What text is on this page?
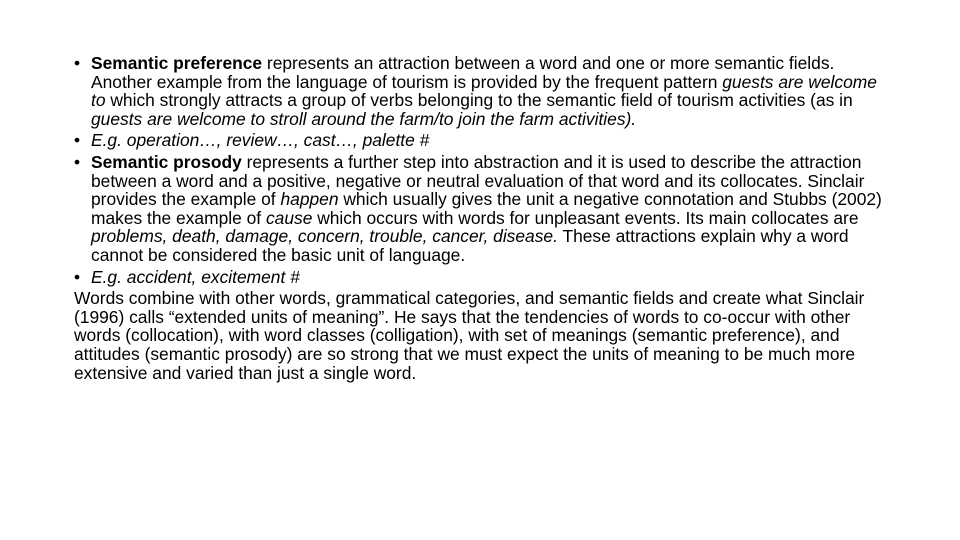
• Semantic preference represents an attraction between a word and one or more semantic fields. Another example from the language of tourism is provided by the frequent pattern guests are welcome to which strongly attracts a group of verbs belonging to the semantic field of tourism activities (as in guests are welcome to stroll around the farm/to join the farm activities).
• E.g. operation…, review…, cast…, palette #
• Semantic prosody represents a further step into abstraction and it is used to describe the attraction between a word and a positive, negative or neutral evaluation of that word and its collocates. Sinclair provides the example of happen which usually gives the unit a negative connotation and Stubbs (2002) makes the example of cause which occurs with words for unpleasant events. Its main collocates are problems, death, damage, concern, trouble, cancer, disease. These attractions explain why a word cannot be considered the basic unit of language.
• E.g. accident, excitement #

Words combine with other words, grammatical categories, and semantic fields and create what Sinclair (1996) calls “extended units of meaning”. He says that the tendencies of words to co-occur with other words (collocation), with word classes (colligation), with set of meanings (semantic preference), and attitudes (semantic prosody) are so strong that we must expect the units of meaning to be much more extensive and varied than just a single word.
